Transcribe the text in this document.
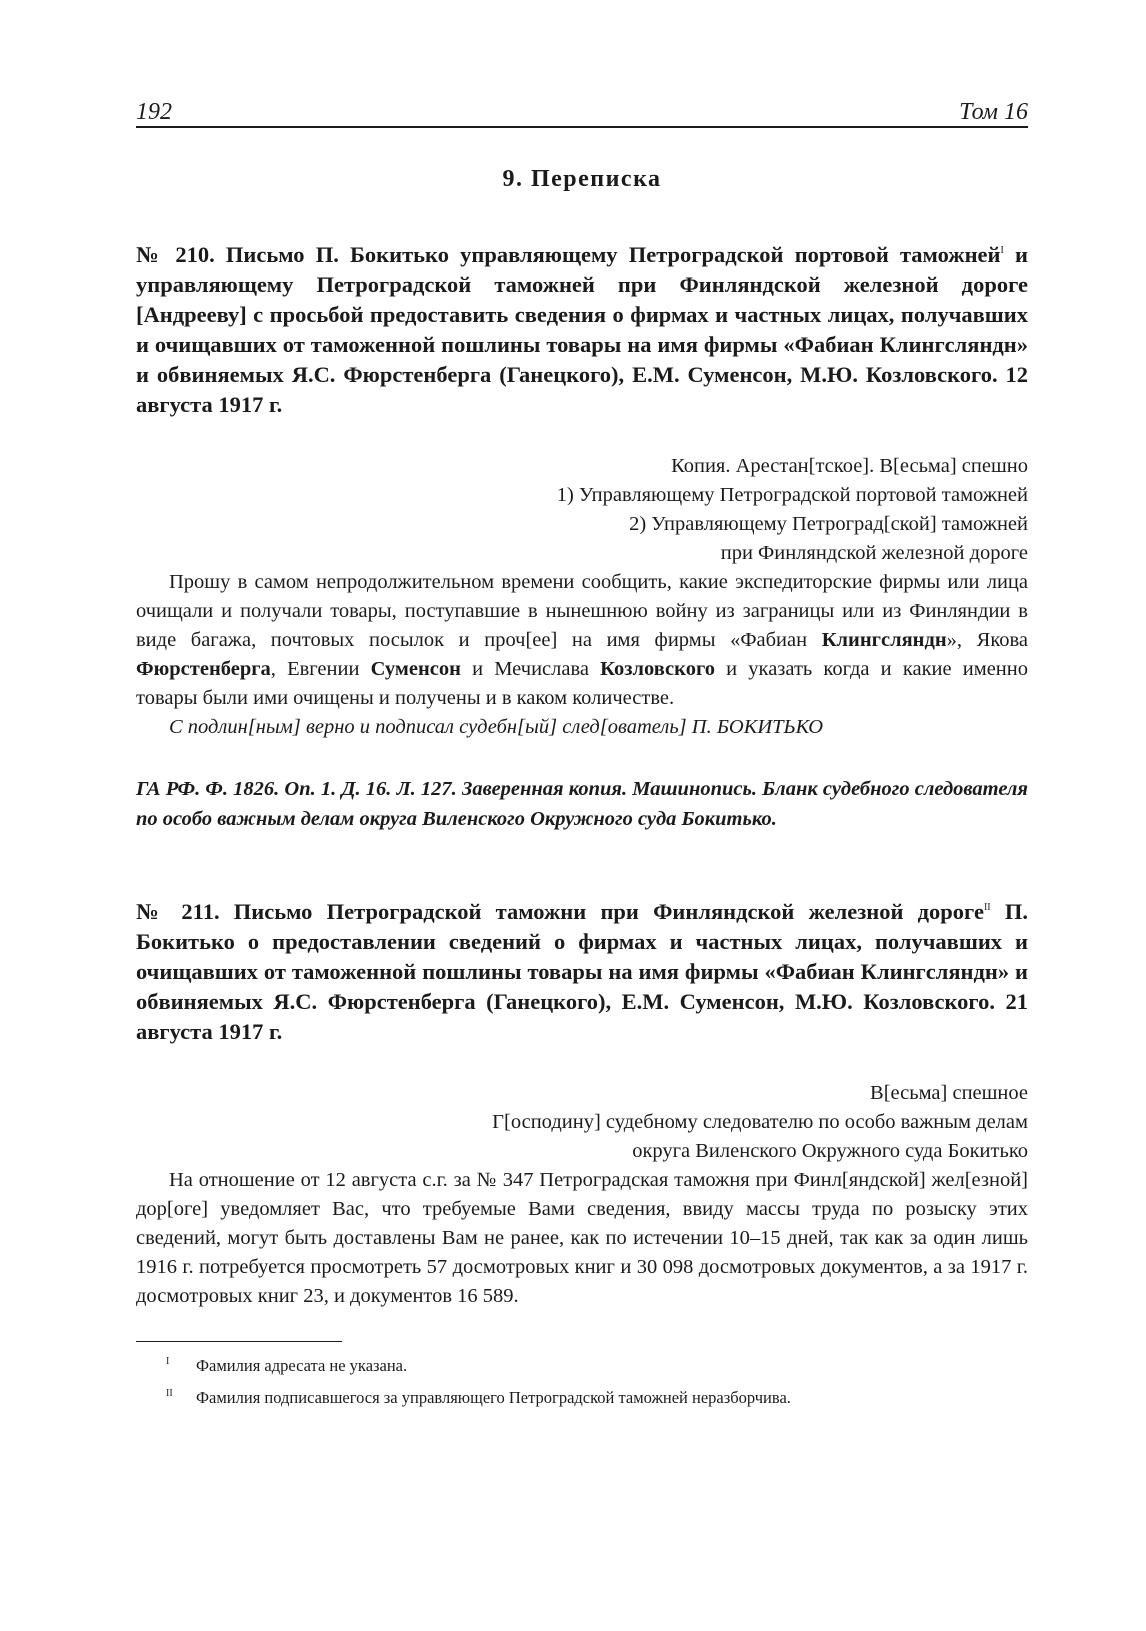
192	Том 16
9. Переписка

№ 210. Письмо П. Бокитько управляющему Петроградской портовой таможней$^I$ и управляющему Петроградской таможней при Финляндской железной дороге [Андрееву] с просьбой предоставить сведения о фирмах и частных лицах, получавших и очищавших от таможенной пошлины товары на имя фирмы «Фабиан Клингсляндн» и обвиняемых Я.С. Фюрстенберга (Ганецкого), Е.М. Суменсон, М.Ю. Козловского. 12 августа 1917 г.

Копия. Арестан[тское]. В[есьма] спешно
1) Управляющему Петроградской портовой таможней
2) Управляющему Петроград[ской] таможней
при Финляндской железной дороге

Прошу в самом непродолжительном времени сообщить, какие экспедиторские фирмы или лица очищали и получали товары, поступавшие в нынешнюю войну из заграницы или из Финляндии в виде багажа, почтовых посылок и проч[ее] на имя фирмы «Фабиан Клингсляндн», Якова Фюрстенберга, Евгении Суменсон и Мечислава Козловского и указать когда и какие именно товары были ими очищены и получены и в каком количестве.

С подлин[ным] верно и подписал судебн[ый] след[ователь] П. БОКИТЬКО

ГА РФ. Ф. 1826. Оп. 1. Д. 16. Л. 127. Заверенная копия. Машинопись. Бланк судебного следователя по особо важным делам округа Виленского Окружного суда Бокитько.

№ 211. Письмо Петроградской таможни при Финляндской железной дороге$^{II}$ П. Бокитько о предоставлении сведений о фирмах и частных лицах, получавших и очищавших от таможенной пошлины товары на имя фирмы «Фабиан Клингсляндн» и обвиняемых Я.С. Фюрстенберга (Ганецкого), Е.М. Суменсон, М.Ю. Козловского. 21 августа 1917 г.

В[есьма] спешное
Г[осподину] судебному следователю по особо важным делам
округа Виленского Окружного суда Бокитько

На отношение от 12 августа с.г. за № 347 Петроградская таможня при Финл[яндской] жел[езной] дор[оге] уведомляет Вас, что требуемые Вами сведения, ввиду массы труда по розыску этих сведений, могут быть доставлены Вам не ранее, как по истечении 10–15 дней, так как за один лишь 1916 г. потребуется просмотреть 57 досмотровых книг и 30 098 досмотровых документов, а за 1917 г. досмотровых книг 23, и документов 16 589.

I	Фамилия адресата не указана.
II	Фамилия подписавшегося за управляющего Петроградской таможней неразборчива.
